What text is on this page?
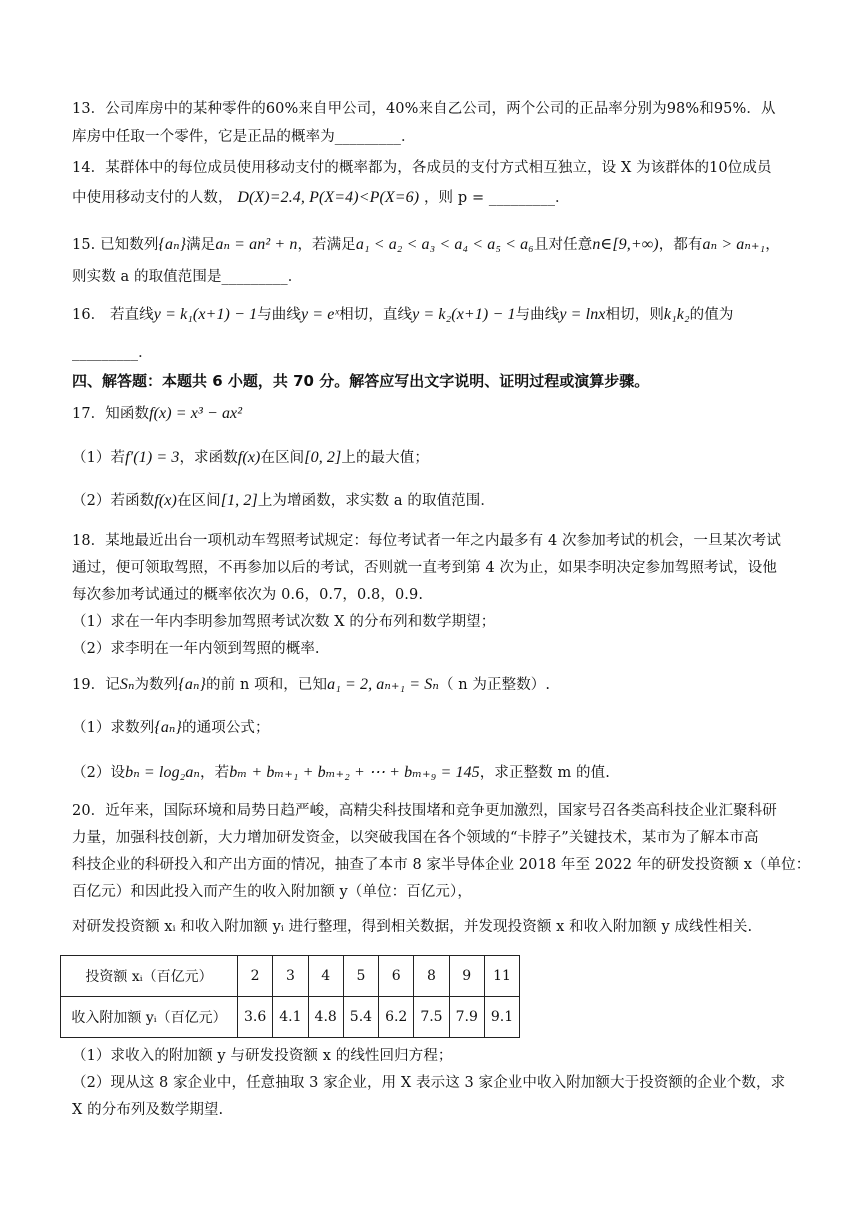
13．公司库房中的某种零件的60%来自甲公司，40%来自乙公司，两个公司的正品率分别为98%和95%．从
库房中任取一个零件，它是正品的概率为_________．
14．某群体中的每位成员使用移动支付的概率都为，各成员的支付方式相互独立，设 X 为该群体的10位成员
中使用移动支付的人数， D(X)=2.4, P(X=4)<P(X=6) ，则 p = _________．
15. 已知数列{aₙ}满足aₙ = an² + n，若满足a₁ < a₂ < a₃ < a₄ < a₅ < a₆且对任意n∈[9,+∞)，都有aₙ > aₙ₊₁，
则实数 a 的取值范围是_________．
16． 若直线y = k₁(x+1) − 1与曲线y = eˣ相切，直线y = k₂(x+1) − 1与曲线y = lnx相切，则k₁k₂的值为
_________．
四、解答题：本题共 6 小题，共 70 分。解答应写出文字说明、证明过程或演算步骤。
17．知函数f(x) = x³ − ax²
（1）若f′(1) = 3，求函数f(x)在区间[0, 2]上的最大值；
（2）若函数f(x)在区间[1, 2]上为增函数，求实数 a 的取值范围．
18．某地最近出台一项机动车驾照考试规定：每位考试者一年之内最多有 4 次参加考试的机会，一旦某次考试
通过，便可领取驾照，不再参加以后的考试，否则就一直考到第 4 次为止，如果李明决定参加驾照考试，设他
每次参加考试通过的概率依次为 0.6，0.7，0.8，0.9.
（1）求在一年内李明参加驾照考试次数 X 的分布列和数学期望；
（2）求李明在一年内领到驾照的概率.
19．记Sₙ为数列{aₙ}的前 n 项和，已知a₁ = 2, aₙ₊₁ = Sₙ（ n 为正整数）.
（1）求数列{aₙ}的通项公式；
（2）设bₙ = log₂aₙ，若bₘ + bₘ₊₁ + bₘ₊₂ + ⋯ + bₘ₊₉ = 145，求正整数 m 的值.
20．近年来，国际环境和局势日趋严峻，高精尖科技围堵和竞争更加激烈，国家号召各类高科技企业汇聚科研
力量，加强科技创新，大力增加研发资金，以突破我国在各个领域的“卡脖子”关键技术，某市为了解本市高
科技企业的科研投入和产出方面的情况，抽查了本市 8 家半导体企业 2018 年至 2022 年的研发投资额 x（单位：
百亿元）和因此投入而产生的收入附加额 y（单位：百亿元），
对研发投资额 xᵢ 和收入附加额 yᵢ 进行整理，得到相关数据，并发现投资额 x 和收入附加额 y 成线性相关.
投资额 xᵢ（百亿元）	2	3	4	5	6	8	9	11
收入附加额 yᵢ（百亿元）	3.6	4.1	4.8	5.4	6.2	7.5	7.9	9.1
（1）求收入的附加额 y 与研发投资额 x 的线性回归方程；
（2）现从这 8 家企业中，任意抽取 3 家企业，用 X 表示这 3 家企业中收入附加额大于投资额的企业个数，求
X 的分布列及数学期望.
